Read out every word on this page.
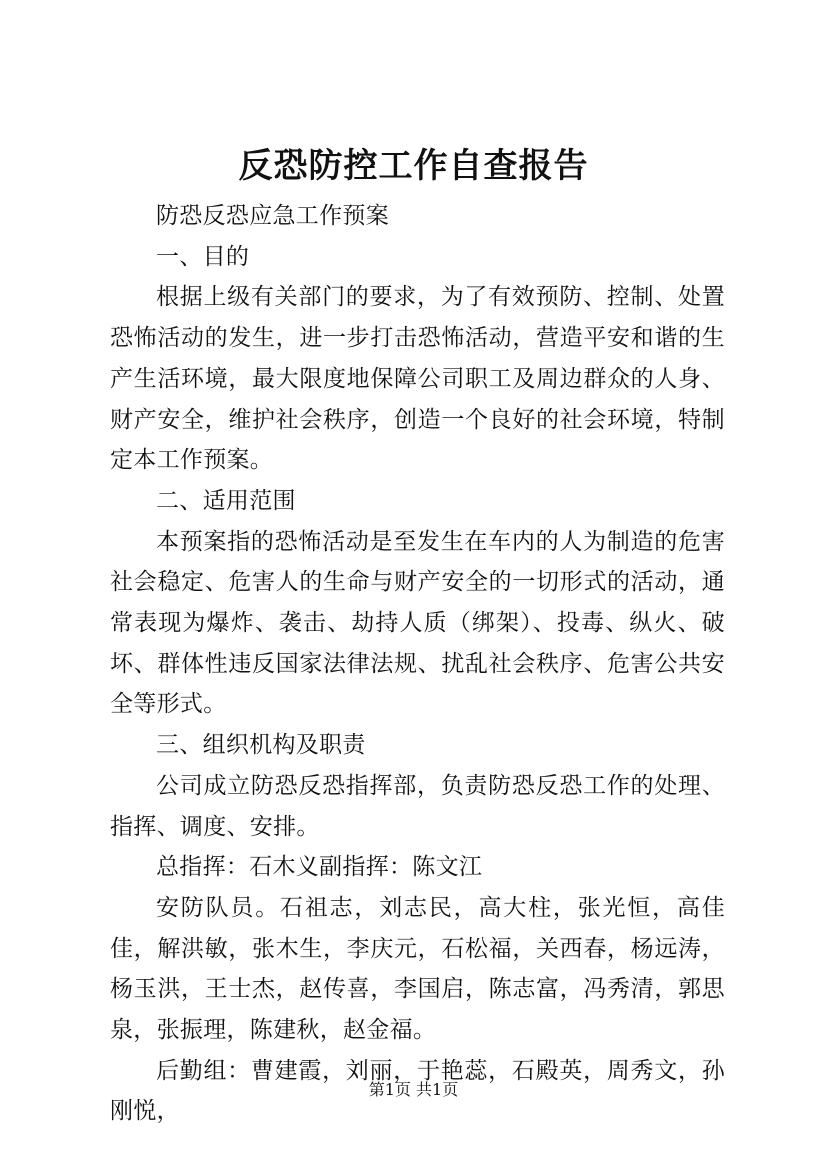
反恐防控工作自查报告

防恐反恐应急工作预案

一、目的

根据上级有关部门的要求，为了有效预防、控制、处置恐怖活动的发生，进一步打击恐怖活动，营造平安和谐的生产生活环境，最大限度地保障公司职工及周边群众的人身、财产安全，维护社会秩序，创造一个良好的社会环境，特制定本工作预案。

二、适用范围

本预案指的恐怖活动是至发生在车内的人为制造的危害社会稳定、危害人的生命与财产安全的一切形式的活动，通常表现为爆炸、袭击、劫持人质（绑架）、投毒、纵火、破坏、群体性违反国家法律法规、扰乱社会秩序、危害公共安全等形式。

三、组织机构及职责

公司成立防恐反恐指挥部，负责防恐反恐工作的处理、指挥、调度、安排。

总指挥：石木义副指挥：陈文江

安防队员。石祖志，刘志民，高大柱，张光恒，高佳佳，解洪敏，张木生，李庆元，石松福，关西春，杨远涛，杨玉洪，王士杰，赵传喜，李国启，陈志富，冯秀清，郭思泉，张振理，陈建秋，赵金福。

后勤组：曹建霞，刘丽，于艳蕊，石殿英，周秀文，孙刚悦，

第1页 共1页
